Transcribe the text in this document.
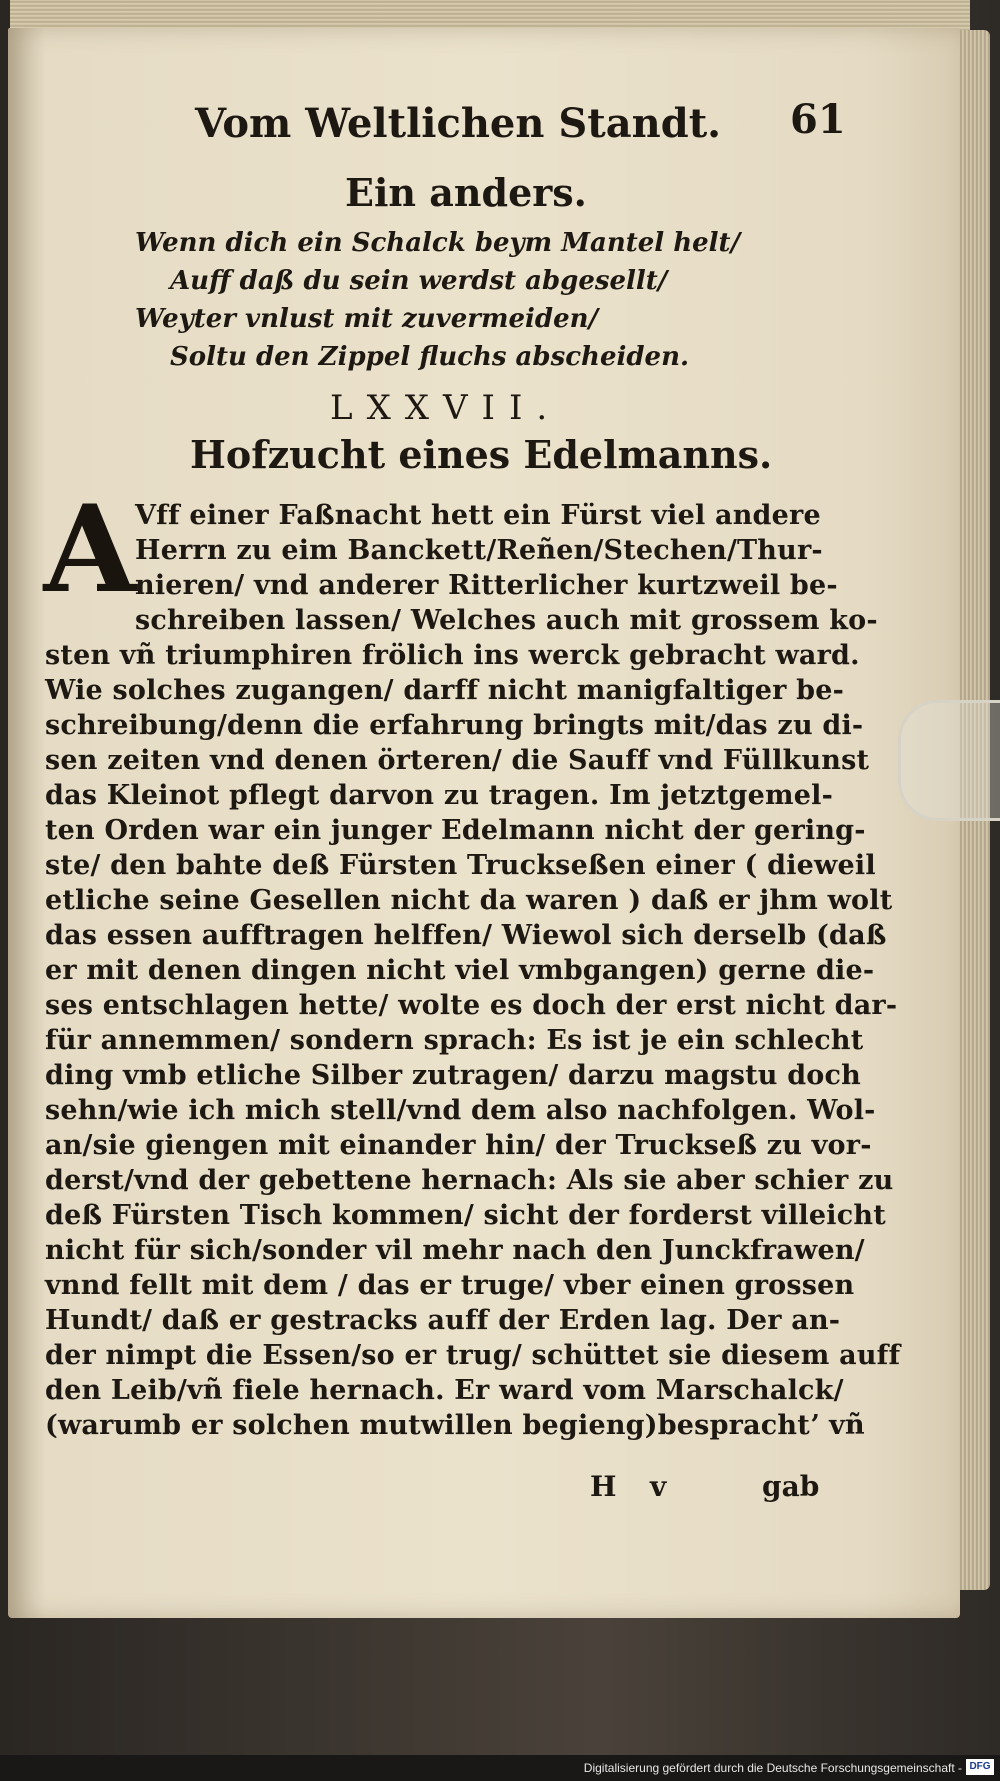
Vom Weltlichen Standt. 61
Ein anders.
Wenn dich ein Schalck beym Mantel helt/
Auff daß du sein werdst abgesellt/
Weyter vnlust mit zuvermeiden/
Soltu den Zippel fluchs abscheiden.
LXXVII.
Hofzucht eines Edelmanns.
A
Vff einer Faßnacht hett ein Fürst viel andere
Herrn zu eim Banckett/Reñen/Stechen/Thur-
nieren/ vnd anderer Ritterlicher kurtzweil be-
schreiben lassen/ Welches auch mit grossem ko-
sten vñ triumphiren frölich ins werck gebracht ward.
Wie solches zugangen/ darff nicht manigfaltiger be-
schreibung/denn die erfahrung bringts mit/das zu di-
sen zeiten vnd denen örteren/ die Sauff vnd Füllkunst
das Kleinot pflegt darvon zu tragen. Im jetztgemel-
ten Orden war ein junger Edelmann nicht der gering-
ste/ den bahte deß Fürsten Truckseßen einer ( dieweil
etliche seine Gesellen nicht da waren ) daß er jhm wolt
das essen aufftragen helffen/ Wiewol sich derselb (daß
er mit denen dingen nicht viel vmbgangen) gerne die-
ses entschlagen hette/ wolte es doch der erst nicht dar-
für annemmen/ sondern sprach: Es ist je ein schlecht
ding vmb etliche Silber zutragen/ darzu magstu doch
sehn/wie ich mich stell/vnd dem also nachfolgen. Wol-
an/sie giengen mit einander hin/ der Truckseß zu vor-
derst/vnd der gebettene hernach: Als sie aber schier zu
deß Fürsten Tisch kommen/ sicht der forderst villeicht
nicht für sich/sonder vil mehr nach den Junckfrawen/
vnnd fellt mit dem / das er truge/ vber einen grossen
Hundt/ daß er gestracks auff der Erden lag. Der an-
der nimpt die Essen/so er trug/ schüttet sie diesem auff
den Leib/vñ fiele hernach. Er ward vom Marschalck/
(warumb er solchen mutwillen begieng)besprachtʼ vñ
H v	gab
Digitalisierung gefördert durch die Deutsche Forschungsgemeinschaft - DFG
